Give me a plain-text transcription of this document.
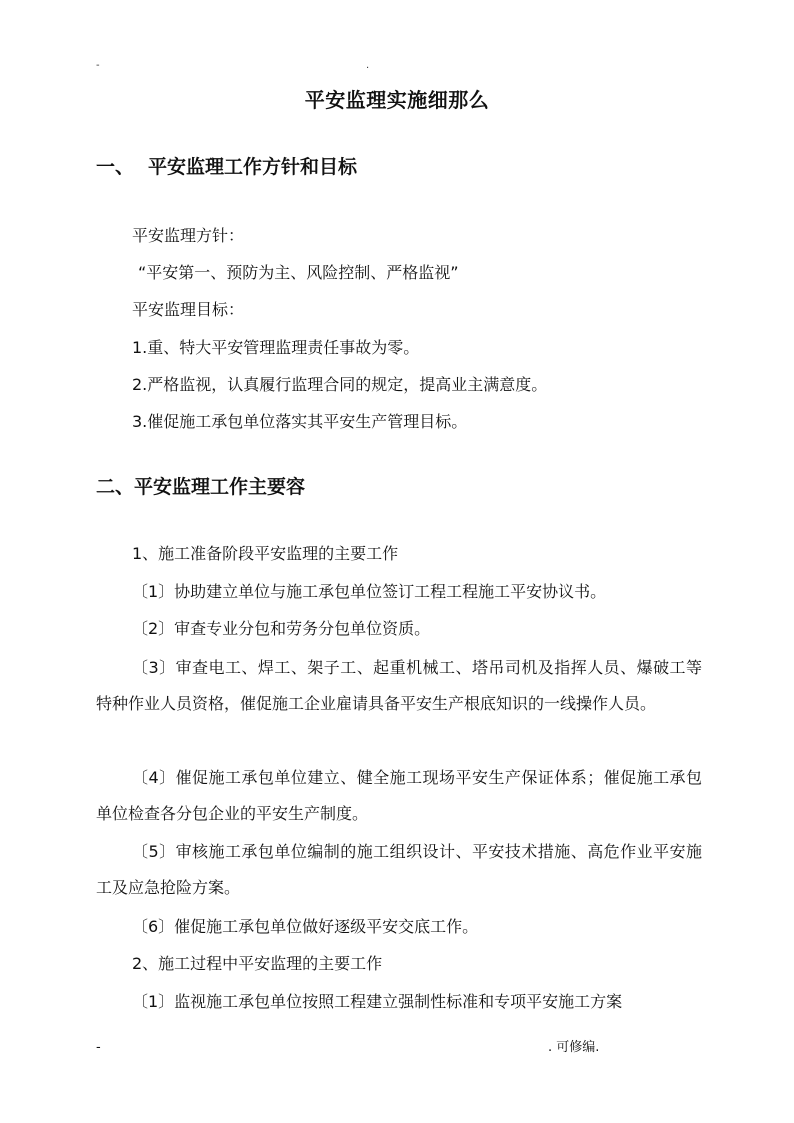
-	.
平安监理实施细那么
一、 平安监理工作方针和目标
平安监理方针：
“平安第一、预防为主、风险控制、严格监视”
平安监理目标：
1.重、特大平安管理监理责任事故为零。
2.严格监视，认真履行监理合同的规定，提高业主满意度。
3.催促施工承包单位落实其平安生产管理目标。
二、平安监理工作主要容
1、施工准备阶段平安监理的主要工作
〔1〕协助建立单位与施工承包单位签订工程工程施工平安协议书。
〔2〕审查专业分包和劳务分包单位资质。
〔3〕审查电工、焊工、架子工、起重机械工、塔吊司机及指挥人员、爆破工等特种作业人员资格，催促施工企业雇请具备平安生产根底知识的一线操作人员。
〔4〕催促施工承包单位建立、健全施工现场平安生产保证体系；催促施工承包单位检查各分包企业的平安生产制度。
〔5〕审核施工承包单位编制的施工组织设计、平安技术措施、高危作业平安施工及应急抢险方案。
〔6〕催促施工承包单位做好逐级平安交底工作。
2、施工过程中平安监理的主要工作
〔1〕监视施工承包单位按照工程建立强制性标准和专项平安施工方案
-	. 可修编.
